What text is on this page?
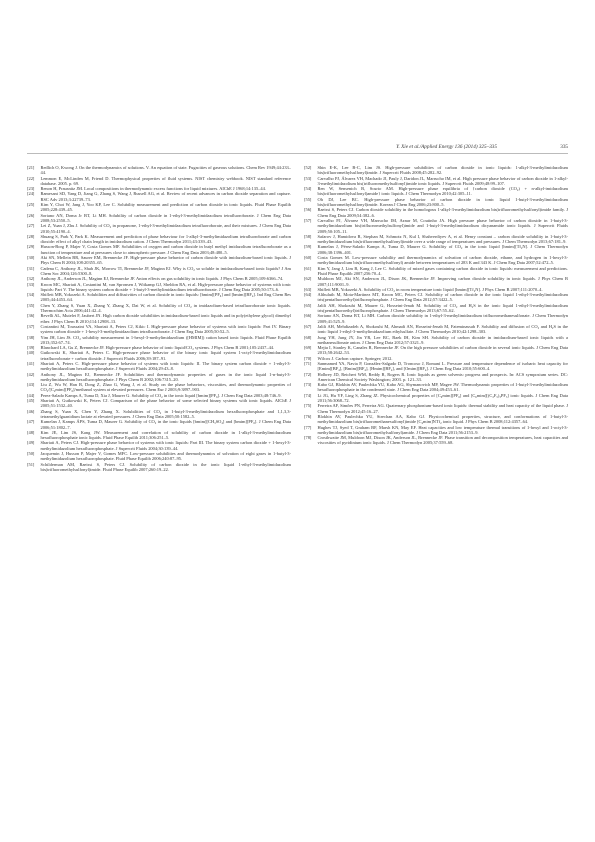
Y. Xie et al./Applied Energy 136 (2014) 325–335	335
[21] Redlich O, Kwong J. On the thermodynamics of solutions. V. An equation of state. Fugacities of gaseous solutions. Chem Rev 1949;44:233–44.
[22] Lemmon E, McLinden M, Friend D. Thermophysical properties of fluid systems. NIST chemistry webbook. NIST standard reference database. 2005. p. 69.
[23] Renon H, Prausnitz JM. Local compositions in thermodynamic excess functions for liquid mixtures. AIChE J 1968;14:135–44.
[24] Ramesani SD, Yang D, Jiang G, Zhang S, Wang J, Russell AG, et al. Review of recent advances in carbon dioxide separation and capture. RSC Adv 2013;3:22739–73.
[25] Kim Y, Choi W, Jang J, Yoo KP, Lee C. Solubility measurement and prediction of carbon dioxide in ionic liquids. Fluid Phase Equilib 2005;228:439–45.
[26] Soriano AN, Doma Jr BT, Li MH. Solubility of carbon dioxide in 1-ethyl-3-methylimidazolium tetrafluoroborate. J Chem Eng Data 2008;53:2550–5.
[27] Lei Z, Yuan J, Zhu J. Solubility of CO₂ in propanone, 1-ethyl-3-methylimidazolium tetrafluoroborate, and their mixtures. J Chem Eng Data 2010;55:4190–4.
[28] Shuang S, Park Y, Park K. Measurement and prediction of phase behaviour for 1-alkyl-3-methylimidazolium tetrafluoroborate and carbon dioxide: effect of alkyl chain length in imidazolium cation. J Chem Thermodyn 2011;43:339–43.
[29] Husson-Borg P, Majer V, Costa Gomes MF. Solubilities of oxygen and carbon dioxide in butyl methyl imidazolium tetrafluoroborate as a function of temperature and at pressures close to atmospheric pressure. J Chem Eng Data 2003;48:480–5.
[30] Aki SN, Mellein BR, Saurer EM, Brennecke JF. High-pressure phase behavior of carbon dioxide with imidazolium-based ionic liquids. J Phys Chem B 2004;108:20355–65.
[31] Cadena C, Anthony JL, Shah JK, Morrow TI, Brennecke JF, Maginn EJ. Why is CO₂ so soluble in imidazolium-based ionic liquids? J Am Chem Soc 2004;126:5300–8.
[32] Anthony JL, Anderson JL, Maginn EJ, Brennecke JF. Anion effects on gas solubility in ionic liquids. J Phys Chem B 2005;109:6366–74.
[33] Kroon MC, Shariati A, Costantini M, van Spronsen J, Witkamp GJ, Sheldon RA, et al. High-pressure phase behavior of systems with ionic liquids: Part V. The binary system carbon dioxide + 1-butyl-3-methylimidazolium tetrafluoroborate. J Chem Eng Data 2005;50:173–6.
[34] Shiflett MB, Yokozeki A. Solubilities and diffusivities of carbon dioxide in ionic liquids: [bmim][PF₆] and [bmim][BF₄]. Ind Eng Chem Res 2005;44:4453–64.
[35] Chen Y, Zhang S, Yuan X, Zhang Y, Zhang X, Dai W, et al. Solubility of CO₂ in imidazolium-based tetrafluoroborate ionic liquids. Thermochim Acta 2006;441:42–4.
[36] Revelli AL, Mutelet F, Jaubert JN. High carbon dioxide solubilities in imidazolium-based ionic liquids and in poly(ethylene glycol) dimethyl ether. J Phys Chem B 2010;114:12908–13.
[37] Costantini M, Toussaint VA, Shariati A, Peters CJ, Kikic I. High-pressure phase behavior of systems with ionic liquids: Part IV. Binary system carbon dioxide + 1-hexyl-3-methylimidazolium tetrafluoroborate. J Chem Eng Data 2005;50:52–5.
[38] Yim JH, Lim JS. CO₂ solubility measurement in 1-hexyl-3-methylimidazolium ([HMIM]) cation based ionic liquids. Fluid Phase Equilib 2013;352:67–74.
[39] Blanchard LA, Gu Z, Brennecke JF. High-pressure phase behavior of ionic liquid/CO₂ systems. J Phys Chem B 2001;105:2437–44.
[40] Gutkowski K, Shariati A, Peters C. High-pressure phase behavior of the binary ionic liquid system 1-octyl-3-methylimidazolium tetrafluoroborate + carbon dioxide. J Supercrit Fluids 2006;39:187–91.
[41] Shariati A, Peters C. High-pressure phase behavior of systems with ionic liquids: II. The binary system carbon dioxide + 1-ethyl-3-methylimidazolium hexafluorophosphate. J Supercrit Fluids 2004;29:43–8.
[42] Anthony JL, Maginn EJ, Brennecke JF. Solubilities and thermodynamic properties of gases in the ionic liquid 1-n-butyl-3-methylimidazolium hexafluorophosphate. J Phys Chem B 2002;106:7315–20.
[43] Liu Z, Wu W, Han B, Dong Z, Zhao G, Wang J, et al. Study on the phase behaviors, viscosities, and thermodynamic properties of CO₂/[C₄mim][PF₆]/methanol system at elevated pressures. Chem Eur J 2003;9:3897–903.
[44] Perez-Salado Kamps A, Tuma D, Xia J, Maurer G. Solubility of CO₂ in the ionic liquid [bmim][PF₆]. J Chem Eng Data 2003;48:746–9.
[45] Shariati A, Gutkowski K, Peters CJ. Comparison of the phase behavior of some selected binary systems with ionic liquids. AIChE J 2005;51:1532–40.
[46] Zhang S, Yuan X, Chen Y, Zhang X. Solubilities of CO₂ in 1-butyl-3-methylimidazolium hexafluorophosphate and 1,1,3,3-tetramethylguanidium lactate at elevated pressures. J Chem Eng Data 2005;50:1582–5.
[47] Kumelan J, Kamps ÁPS, Tuma D, Maurer G. Solubility of CO₂ in the ionic liquids [bmim][CH₃SO₄] and [bmim][PF₆]. J Chem Eng Data 2006;51:1802–7.
[48] Kim JE, Lim JS, Kang JW. Measurement and correlation of solubility of carbon dioxide in 1-alkyl-3-methylimidazolium hexafluorophosphate ionic liquids. Fluid Phase Equilib 2011;306:251–5.
[49] Shariati A, Peters CJ. High-pressure phase behavior of systems with ionic liquids: Part III. The binary system carbon dioxide + 1-hexyl-3-methylimidazolium hexafluorophosphate. J Supercrit Fluids 2004;30:139–44.
[50] Jacquemin J, Husson P, Majer V, Gomes MFC. Low-pressure solubilities and thermodynamics of solvation of eight gases in 1-butyl-3-methylimidazolium hexafluorophosphate. Fluid Phase Equilib 2006;240:87–95.
[51] Schilderman AM, Raeissi S, Peters CJ. Solubility of carbon dioxide in the ionic liquid 1-ethyl-3-methylimidazolium bis(trifluoromethylsulfonyl)imide. Fluid Phase Equilib 2007;260:19–22.
[52] Shin E-K, Lee B-C, Lim JS. High-pressure solubilities of carbon dioxide in ionic liquids: 1-alkyl-3-methylimidazolium bis(trifluoromethylsulfonyl)imide. J Supercrit Fluids 2008;45:282–92.
[53] Carvalho PJ, Álvarez VH, Machado JJ, Pauly J, Daridon JL, Marrucho IM, et al. High pressure phase behavior of carbon dioxide in 1-alkyl-3-methylimidazolium bis(trifluoromethylsulfonyl)imide ionic liquids. J Supercrit Fluids 2009;48:99–107.
[54] Ren W, Sensenich B, Scurto AM. High-pressure phase equilibria of {carbon dioxide (CO₂) + n-alkyl-imidazolium bis(trifluoromethylsulfonyl)amide} ionic liquids. J Chem Thermodyn 2010;42:305–11.
[55] Oh DJ, Lee BC. High-pressure phase behavior of carbon dioxide in ionic liquid 1-butyl-3-methylimidazolium bis(trifluoromethylsulfonyl)imide. Korean J Chem Eng 2006;23:800–5.
[56] Raeissi S, Peters CJ. Carbon dioxide solubility in the homologous 1-alkyl-3-methylimidazolium bis(trifluoromethylsulfonyl)imide family. J Chem Eng Data 2009;54:382–6.
[57] Carvalho PJ, Álvarez VH, Marrucho IM, Aznar M, Coutinho JA. High pressure phase behavior of carbon dioxide in 1-butyl-3-methylimidazolium bis(trifluoromethylsulfonyl)imide and 1-butyl-3-methylimidazolium dicyanamide ionic liquids. J Supercrit Fluids 2009;50:105–11.
[58] Safarov J, Hamidova R, Stephan M, Schmotz N, Kul I, Shahverdiyev A, et al. Henry constant – carbon dioxide solubility in 1-butyl-3-methylimidazolium bis(trifluoromethylsulfonyl)imide over a wide range of temperatures and pressures. J Chem Thermodyn 2013;67:181–9.
[59] Kumelan J, Pérez-Salado Kamps A, Tuma D, Maurer G. Solubility of CO₂ in the ionic liquid [hmim][Tf₂N]. J Chem Thermodyn 2006;38:1396–401.
[60] Costa Gomes M. Low-pressure solubility and thermodynamics of solvation of carbon dioxide, ethane, and hydrogen in 1-hexyl-3-methylimidazolium bis(trifluoromethylsulfonyl) amide between temperatures of 283 K and 343 K. J Chem Eng Data 2007;52:472–5.
[61] Kim Y, Jang J, Lim B, Kang J, Lee C. Solubility of mixed gases containing carbon dioxide in ionic liquids: measurement and predictions. Fluid Phase Equilib 2007;256:70–4.
[62] Muldoon MJ, Aki SN, Anderson JL, Dixon JK, Brennecke JF. Improving carbon dioxide solubility in ionic liquids. J Phys Chem B 2007;111:9001–9.
[63] Shiflett MB, Yokozeki A. Solubility of CO₂ in room temperature ionic liquid [hmim][Tf₂N]. J Phys Chem B 2007;111:2070–4.
[64] Althuluth M, Mota-Martinez MT, Kroon MC, Peters CJ. Solubility of carbon dioxide in the ionic liquid 1-ethyl-3-methylimidazolium tris(pentafluoroethyl)trifluorophosphate. J Chem Eng Data 2012;57:3422–5.
[65] Jalili AH, Shokouhi M, Maurer G, Hosseini-Jenab M. Solubility of CO₂ and H₂S in the ionic liquid 1-ethyl-3-methylimidazolium tris(pentafluoroethyl)trifluorophosphate. J Chem Thermodyn 2013;67:55–62.
[66] Soriano AN, Doma BT, Li MH. Carbon dioxide solubility in 1-ethyl-3-methylimidazolium trifluoromethanesulfonate. J Chem Thermodyn 2009;41:525–9.
[67] Jalili AH, Mehdizadeh A, Shokouhi M, Ahmadi AN, Hosseini-Jenab M, Fateminassab F. Solubility and diffusion of CO₂ and H₂S in the ionic liquid 1-ethyl-3-methylimidazolium ethylsulfate. J Chem Thermodyn 2010;42:1298–303.
[68] Jung YH, Jung JY, Jin YR, Lee BC, Baek IH, Kim SH. Solubility of carbon dioxide in imidazolium-based ionic liquids with a methanesulfonate anion. J Chem Eng Data 2012;57:3321–9.
[69] Mejia I, Stanley K, Canales R, Brennecke JF. On the high pressure solubilities of carbon dioxide in several ionic liquids. J Chem Eng Data 2013;58:2642–53.
[70] Wilcox J. Carbon capture. Springer; 2012.
[71] Sanmamed YA, Navia P, González-Salgado D, Troncoso J, Romaní L. Pressure and temperature dependence of isobaric heat capacity for [Emim][BF₄], [Bmim][BF₄], [Hmim][BF₄], and [Omim][BF₄]. J Chem Eng Data 2010;55:600–4.
[72] Holbrey JD, Reichert WM, Reddy R, Rogers R. Ionic liquids as green solvents: progress and prospects. In: ACS symposium series. DC: American Chemical Society Washington; 2003. p. 121–33.
[73] Kabo GJ, Blokhin AV, Paulechka YU, Kabo AG, Shymanovich MP, Magee JW. Thermodynamic properties of 1-butyl-3-methylimidazolium hexafluorophosphate in the condensed state. J Chem Eng Data 2004;49:453–61.
[74] Li JG, Hu YF, Ling S, Zhang JZ. Physicochemical properties of [C₆mim][PF₆] and [C₆mim][(C₂F₅)₃PF₃] ionic liquids. J Chem Eng Data 2011;56:3068–72.
[75] Ferreira AF, Simões PN, Ferreira AG. Quaternary phosphonium-based ionic liquids: thermal stability and heat capacity of the liquid phase. J Chem Thermodyn 2012;45:16–27.
[76] Blokhin AV, Paulechka YU, Strechan AA, Kabo GJ. Physicochemical properties, structure, and conformations of 1-butyl-3-methylimidazolium bis(trifluoromethanesulfonyl)imide [C₄mim]NTf₂ ionic liquid. J Phys Chem B 2008;112:4357–64.
[77] Hughes TJ, Syed T, Graham BF, Marsh KN, May EF. Heat capacities and low temperature thermal transitions of 1-hexyl and 1-octyl-3-methylimidazolium bis(trifluoromethylsulfonyl)amide. J Chem Eng Data 2011;56:2153–9.
[78] Crosthwaite JM, Muldoon MJ, Dixon JK, Anderson JL, Brennecke JF. Phase transition and decomposition temperatures, heat capacities and viscosities of pyridinium ionic liquids. J Chem Thermodyn 2005;37:559–68.
